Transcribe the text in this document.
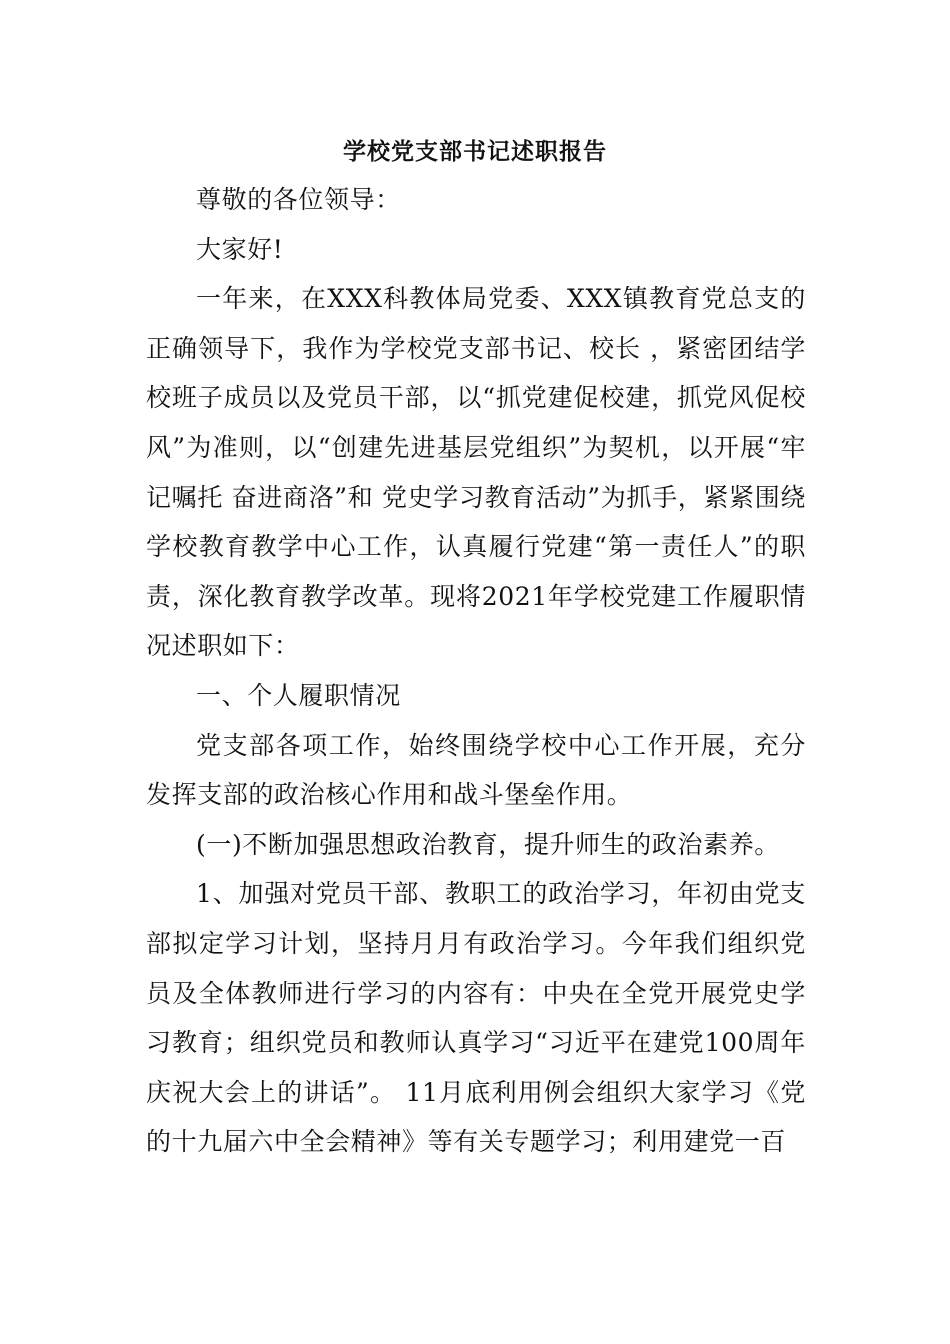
学校党支部书记述职报告

尊敬的各位领导：

大家好!

一年来，在XXX科教体局党委、XXX镇教育党总支的正确领导下，我作为学校党支部书记、校长 ，紧密团结学校班子成员以及党员干部，以“抓党建促校建，抓党风促校风”为准则，以“创建先进基层党组织”为契机，以开展“牢记嘱托 奋进商洛”和 党史学习教育活动”为抓手，紧紧围绕学校教育教学中心工作，认真履行党建“第一责任人”的职责，深化教育教学改革。现将2021年学校党建工作履职情况述职如下：

一、个人履职情况

党支部各项工作，始终围绕学校中心工作开展，充分发挥支部的政治核心作用和战斗堡垒作用。

(一)不断加强思想政治教育，提升师生的政治素养。

1、加强对党员干部、教职工的政治学习，年初由党支部拟定学习计划，坚持月月有政治学习。今年我们组织党员及全体教师进行学习的内容有：中央在全党开展党史学习教育；组织党员和教师认真学习“习近平在建党100周年庆祝大会上的讲话”。 11月底利用例会组织大家学习《党的十九届六中全会精神》等有关专题学习；利用建党一百
